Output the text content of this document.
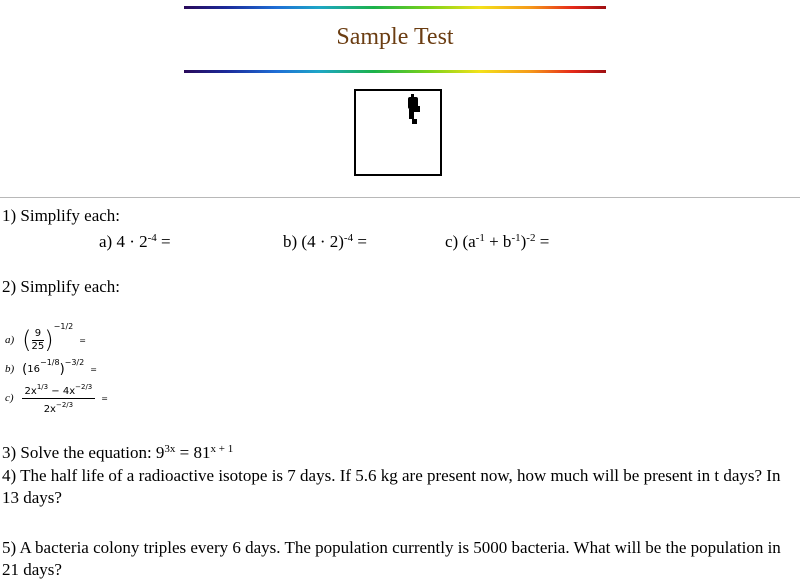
Sample Test
1) Simplify each:
a) $4 \cdot 2^{-4}$ =	b) $(4 \cdot 2)^{-4}$ =	c) $(a^{-1} + b^{-1})^{-2}$ =
2) Simplify each:
a) ( $\frac{9}{25}$ ) −1/2
=
b) ( 16
−1/8 ) −3/2
=
$c) \frac{2x^{1/3} - 4x^{-2/3}}{2x^{-2/3}}$ =
3) Solve the equation: $9^{3x} = 81^{x + 1}$
4) The half life of a radioactive isotope is 7 days. If 5.6 kg are present now, how much will be present in t days? In 13 days?
5) A bacteria colony triples every 6 days. The population currently is 5000 bacteria. What will be the population in 21 days?
